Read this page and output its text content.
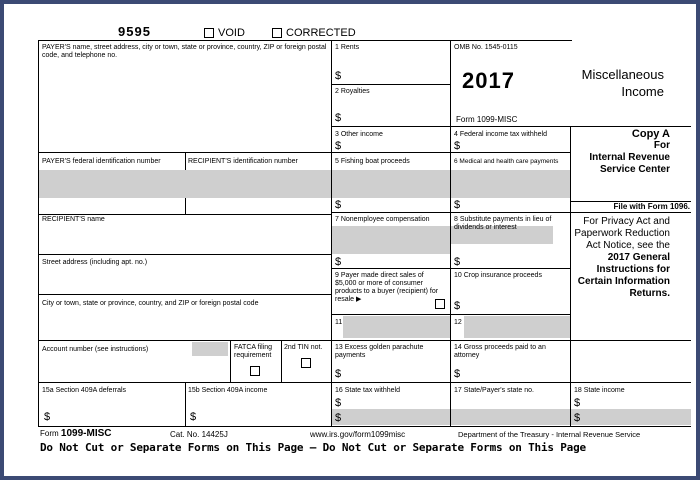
9595	VOID	CORRECTED
PAYER'S name, street address, city or town, state or province, country, ZIP or foreign postal code, and telephone no.
PAYER'S federal identification number	RECIPIENT'S identification number
RECIPIENT'S name
Street address (including apt. no.)
City or town, state or province, country, and ZIP or foreign postal code
Account number (see instructions)	FATCA filing requirement
2nd TIN not.
1 Rents
$
2 Royalties
$
OMB No. 1545-0115
2017
Form 1099-MISC
Miscellaneous
Income
3 Other income
$
4 Federal income tax withheld
$
Copy A
For
Internal Revenue
Service Center
File with Form 1096.
For Privacy Act and Paperwork Reduction Act Notice, see the 2017 General Instructions for Certain Information Returns.
5 Fishing boat proceeds
$
6 Medical and health care payments
$
7 Nonemployee compensation
$
8 Substitute payments in lieu of dividends or interest
$
9 Payer made direct sales of $5,000 or more of consumer products to a buyer (recipient) for resale ▶
10 Crop insurance proceeds
$
11	12
13 Excess golden parachute payments
$
14 Gross proceeds paid to an attorney
$
15a Section 409A deferrals
$
15b Section 409A income
$
16 State tax withheld
$
$
17 State/Payer's state no.	18 State income
$
$
Form 1099-MISC	Cat. No. 14425J	www.irs.gov/form1099misc	Department of the Treasury - Internal Revenue Service
Do Not Cut or Separate Forms on This Page — Do Not Cut or Separate Forms on This Page
